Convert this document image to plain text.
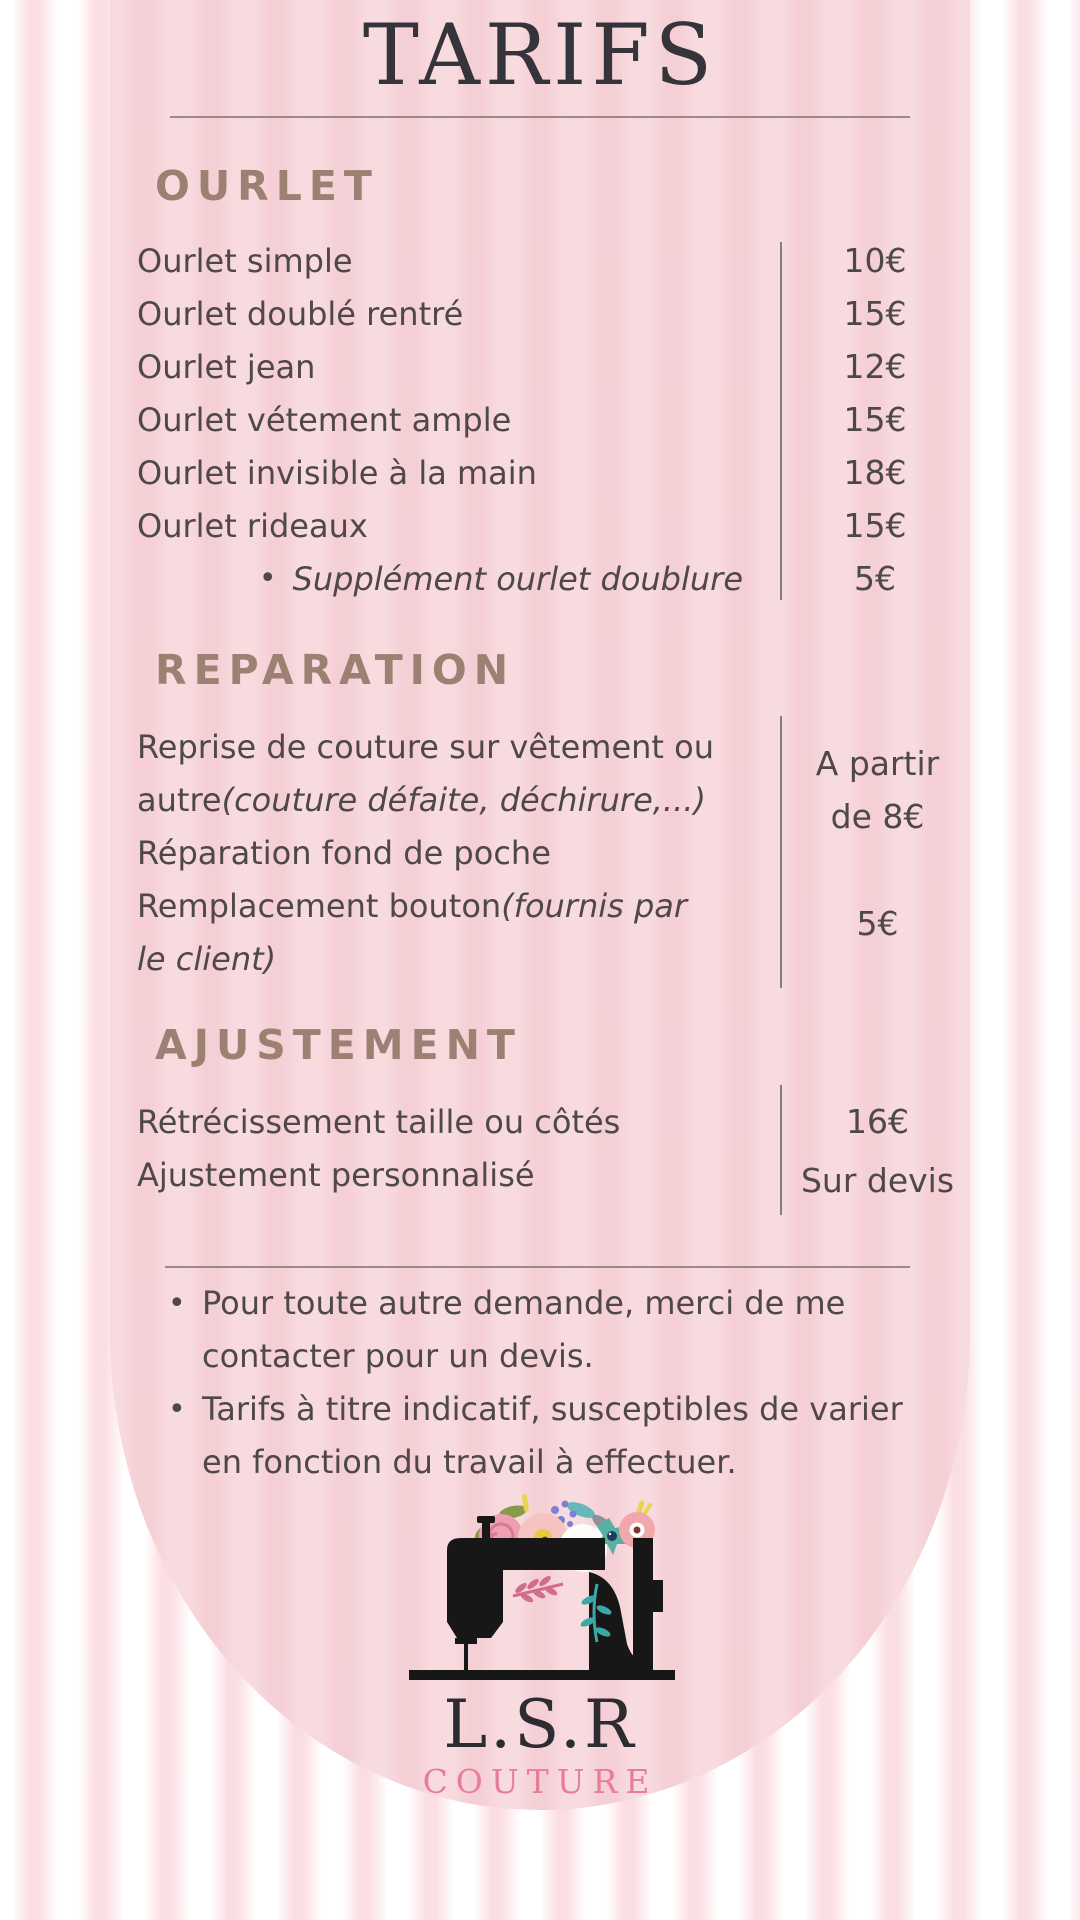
TARIFS
OURLET
Ourlet simple
Ourlet doublé rentré
Ourlet jean
Ourlet vétement ample
Ourlet invisible à la main
Ourlet rideaux
• Supplément ourlet doublure
10€
15€
12€
15€
18€
15€
5€
REPARATION
Reprise de couture sur vêtement ou
autre (couture défaite, déchirure,...)
Réparation fond de poche
Remplacement bouton (fournis par
le client)
A partir
de 8€
5€
AJUSTEMENT
Rétrécissement taille ou côtés
Ajustement personnalisé
16€
Sur devis
• Pour toute autre demande, merci de me
contacter pour un devis.
• Tarifs à titre indicatif, susceptibles de varier
en fonction du travail à effectuer.
L.S.R
COUTURE
